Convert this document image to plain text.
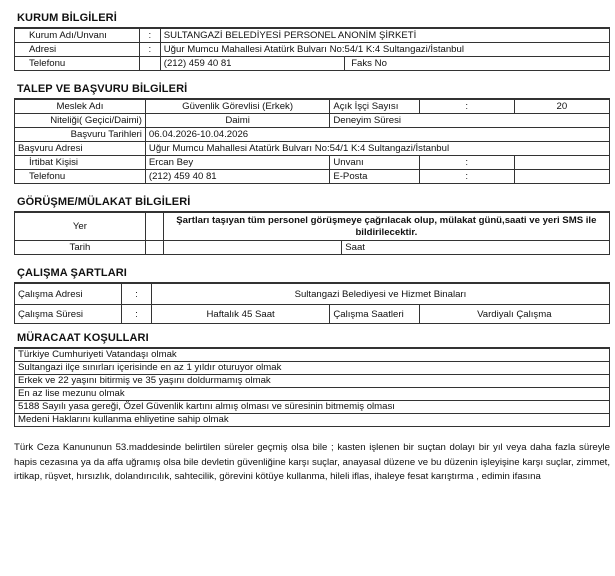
KURUM BİLGİLERİ
Kurum Adı/Unvanı	:	SULTANGAZİ BELEDİYESİ PERSONEL ANONİM ŞİRKETİ	
Adresi	:	Uğur Mumcu Mahallesi Atatürk Bulvarı No:54/1 K:4 Sultangazi/İstanbul	
Telefonu		(212) 459 40 81	Faks No
TALEP VE BAŞVURU BİLGİLERİ
Meslek Adı	Güvenlik Görevlisi (Erkek)	Açık İşçi Sayısı	:	20
Niteliği( Geçici/Daimi)	Daimi	Deneyim Süresi		
Başvuru Tarihleri	06.04.2026-10.04.2026			
Başvuru Adresi	Uğur Mumcu Mahallesi Atatürk Bulvarı No:54/1 K:4 Sultangazi/İstanbul			
İrtibat Kişisi	Ercan Bey	Unvanı	:	
Telefonu	(212) 459 40 81	E-Posta	:	
GÖRÜŞME/MÜLAKAT BİLGİLERİ
Yer		Şartları taşıyan tüm personel görüşmeye çağrılacak olup, mülakat günü,saati ve yeri SMS ile bildirilecektir.	
Tarih			Saat
ÇALIŞMA ŞARTLARI
Çalışma Adresi	:	Sultangazi Belediyesi ve Hizmet Binaları		
Çalışma Süresi	:	Haftalık 45 Saat	Çalışma Saatleri	Vardiyalı Çalışma
MÜRACAAT KOŞULLARI
Türkiye Cumhuriyeti Vatandaşı olmak
Sultangazi ilçe sınırları içerisinde en az 1 yıldır oturuyor olmak
Erkek ve 22 yaşını bitirmiş ve 35 yaşını doldurmamış olmak
En az lise mezunu olmak
5188 Sayılı yasa gereği, Özel Güvenlik kartını almış olması ve süresinin bitmemiş olması
Medeni Haklarını kullanma ehliyetine sahip olmak
Türk Ceza Kanununun 53.maddesinde belirtilen süreler geçmiş olsa bile ; kasten işlenen bir suçtan dolayı bir yıl veya daha fazla süreyle hapis cezasına ya da affa uğramış olsa bile devletin güvenliğine karşı suçlar, anayasal düzene ve bu düzenin işleyişine karşı suçlar, zimmet, irtikap, rüşvet, hırsızlık, dolandırıcılık, sahtecilik, görevini kötüye kullanma, hileli iflas, ihaleye fesat karıştırma , edimin ifasına
